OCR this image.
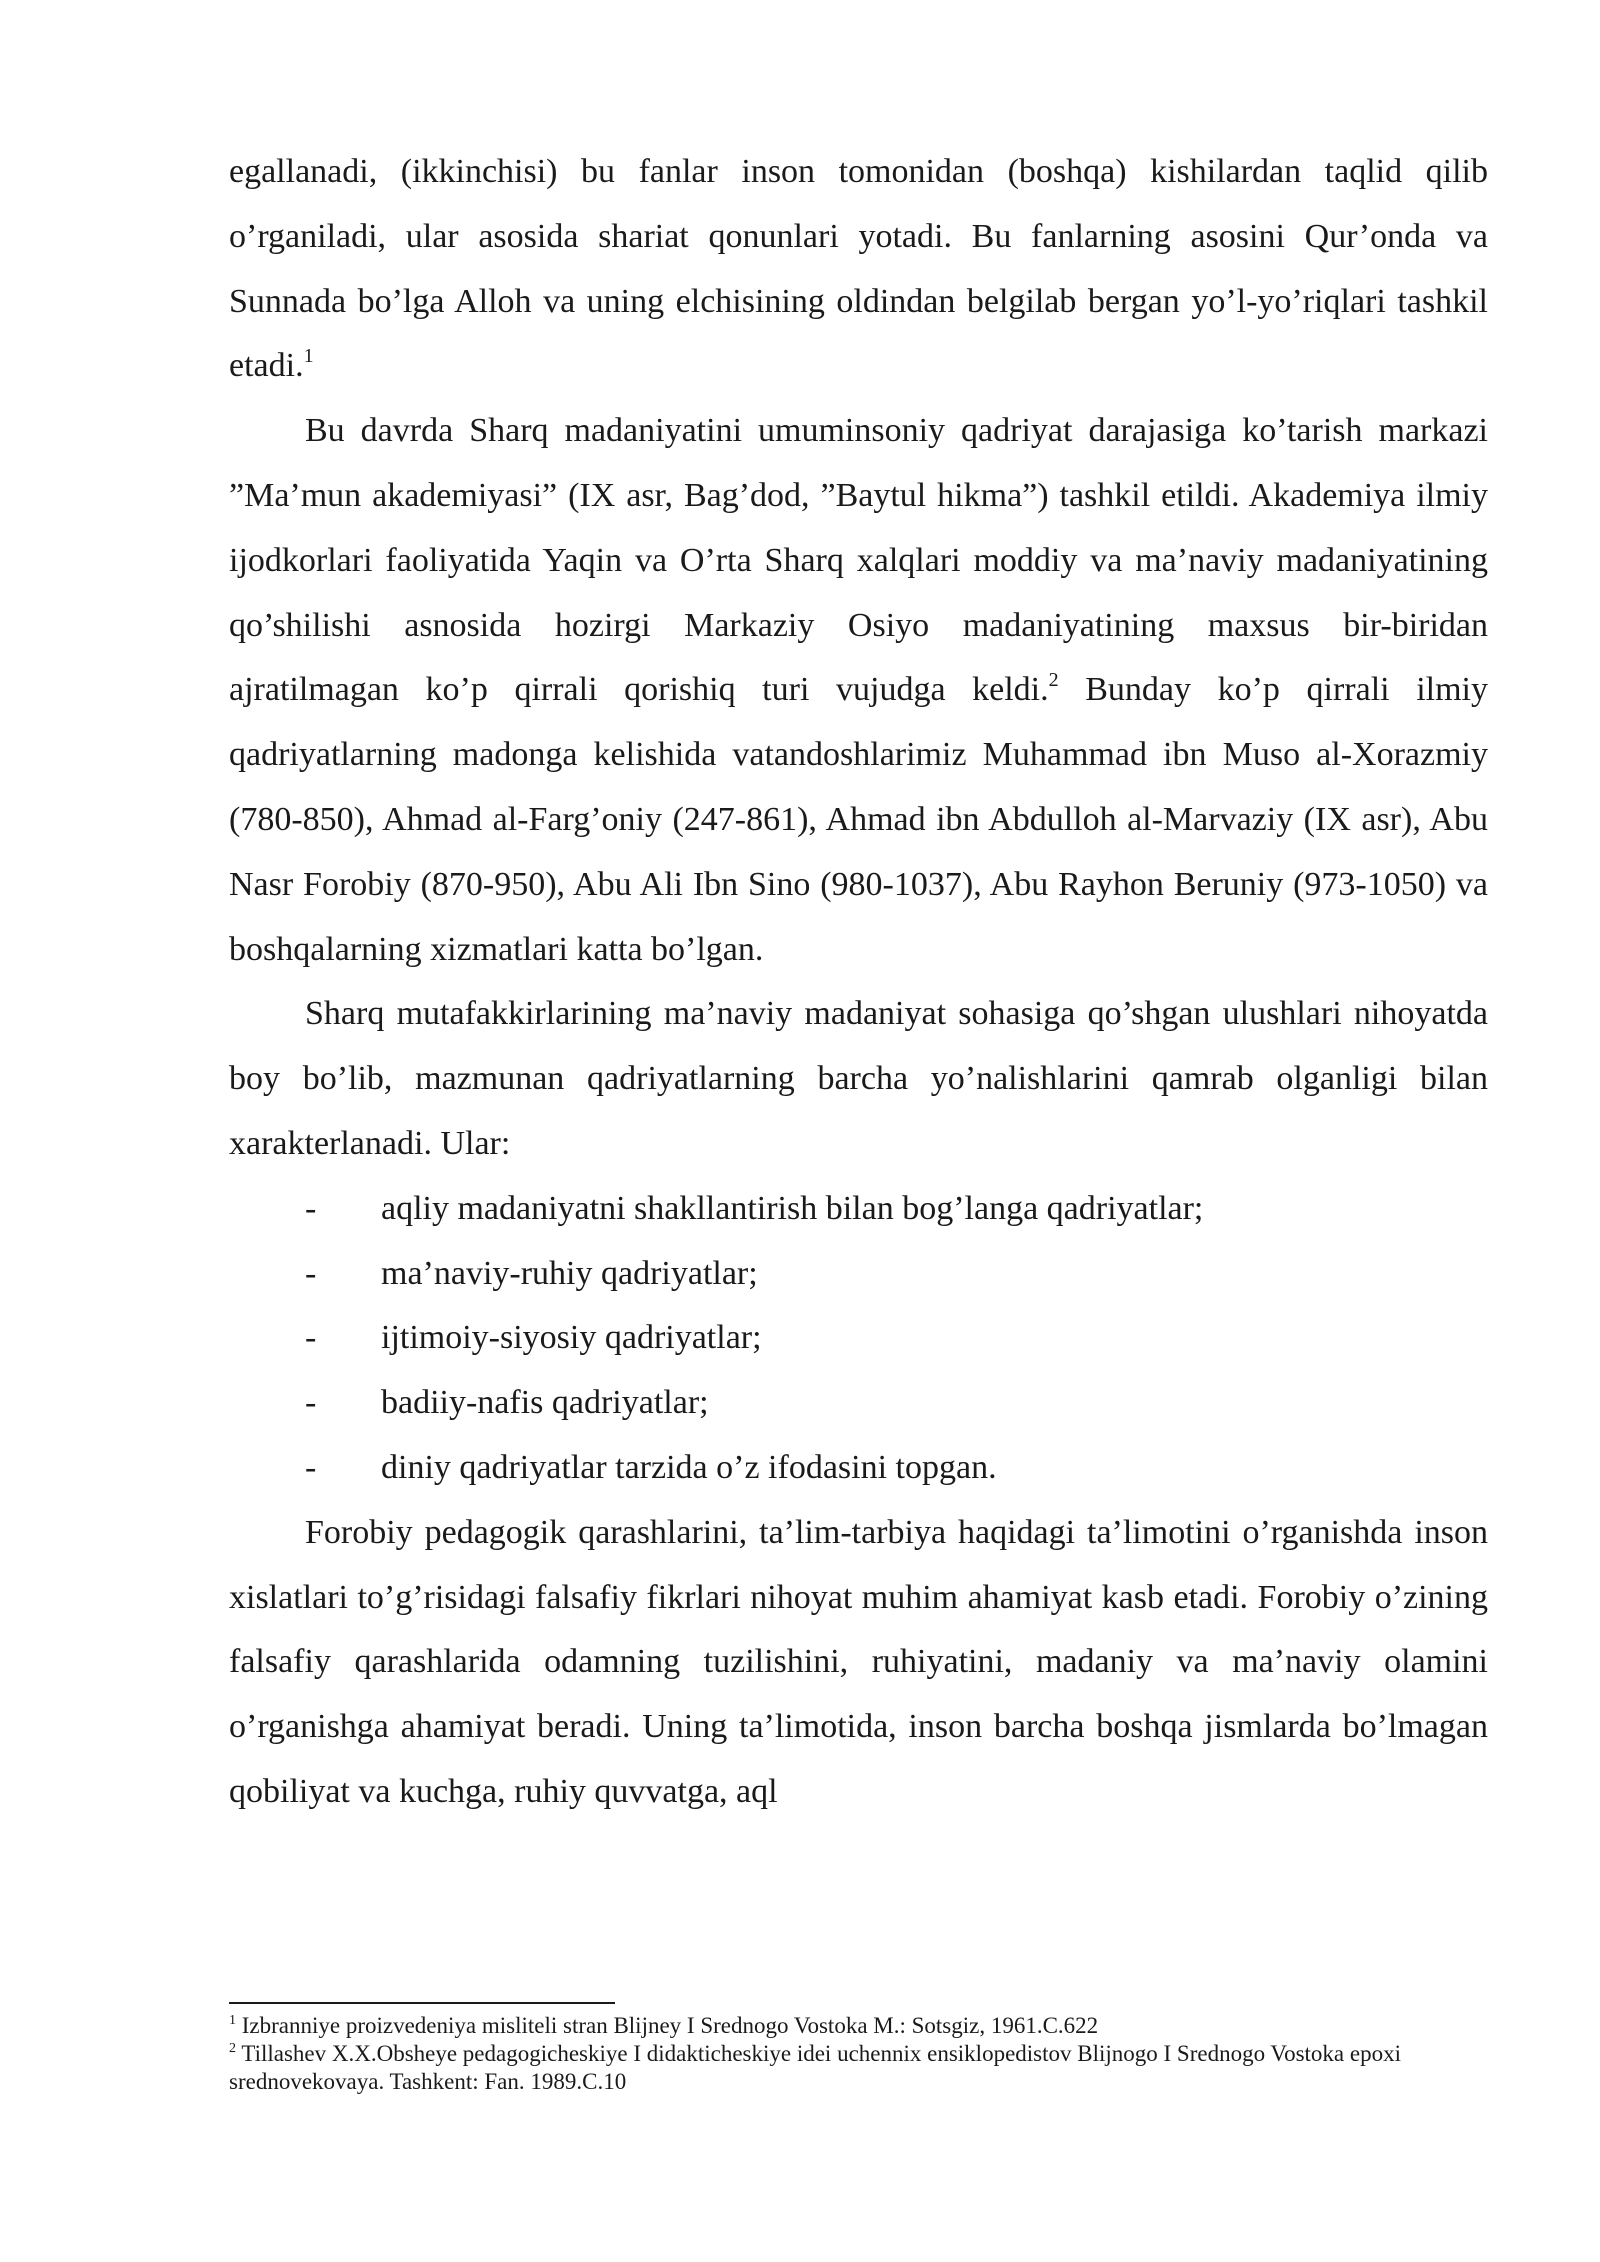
egallanadi, (ikkinchisi) bu fanlar inson tomonidan (boshqa) kishilardan taqlid qilib o’rganiladi, ular asosida shariat qonunlari yotadi. Bu fanlarning asosini Qur’onda va Sunnada bo’lga Alloh va uning elchisining oldindan belgilab bergan yo’l-yo’riqlari tashkil etadi.$^1$

Bu davrda Sharq madaniyatini umuminsoniy qadriyat darajasiga ko’tarish markazi ”Ma’mun akademiyasi” (IX asr, Bag’dod, ”Baytul hikma”) tashkil etildi. Akademiya ilmiy ijodkorlari faoliyatida Yaqin va O’rta Sharq xalqlari moddiy va ma’naviy madaniyatining qo’shilishi asnosida hozirgi Markaziy Osiyo madaniyatining maxsus bir-biridan ajratilmagan ko’p qirrali qorishiq turi vujudga keldi.$^2$ Bunday ko’p qirrali ilmiy qadriyatlarning madonga kelishida vatandoshlarimiz Muhammad ibn Muso al-Xorazmiy (780-850), Ahmad al-Farg’oniy (247-861), Ahmad ibn Abdulloh al-Marvaziy (IX asr), Abu Nasr Forobiy (870-950), Abu Ali Ibn Sino (980-1037), Abu Rayhon Beruniy (973-1050) va boshqalarning xizmatlari katta bo’lgan.

Sharq mutafakkirlarining ma’naviy madaniyat sohasiga qo’shgan ulushlari nihoyatda boy bo’lib, mazmunan qadriyatlarning barcha yo’nalishlarini qamrab olganligi bilan xarakterlanadi. Ular:

-	aqliy madaniyatni shakllantirish bilan bog’langa qadriyatlar;
-	ma’naviy-ruhiy qadriyatlar;
-	ijtimoiy-siyosiy qadriyatlar;
-	badiiy-nafis qadriyatlar;
-	diniy qadriyatlar tarzida o’z ifodasini topgan.

Forobiy pedagogik qarashlarini, ta’lim-tarbiya haqidagi ta’limotini o’rganishda inson xislatlari to’g’risidagi falsafiy fikrlari nihoyat muhim ahamiyat kasb etadi. Forobiy o’zining falsafiy qarashlarida odamning tuzilishini, ruhiyatini, madaniy va ma’naviy olamini o’rganishga ahamiyat beradi. Uning ta’limotida, inson barcha boshqa jismlarda bo’lmagan qobiliyat va kuchga, ruhiy quvvatga, aql

$^1$ Izbranniye proizvedeniya misliteli stran Blijney I Srednogo Vostoka M.: Sotsgiz, 1961.C.622

$^2$ Tillashev X.X.Obsheye pedagogicheskiye I didakticheskiye idei uchennix ensiklopedistov Blijnogo I Srednogo Vostoka epoxi srednovekovaya. Tashkent: Fan. 1989.C.10
